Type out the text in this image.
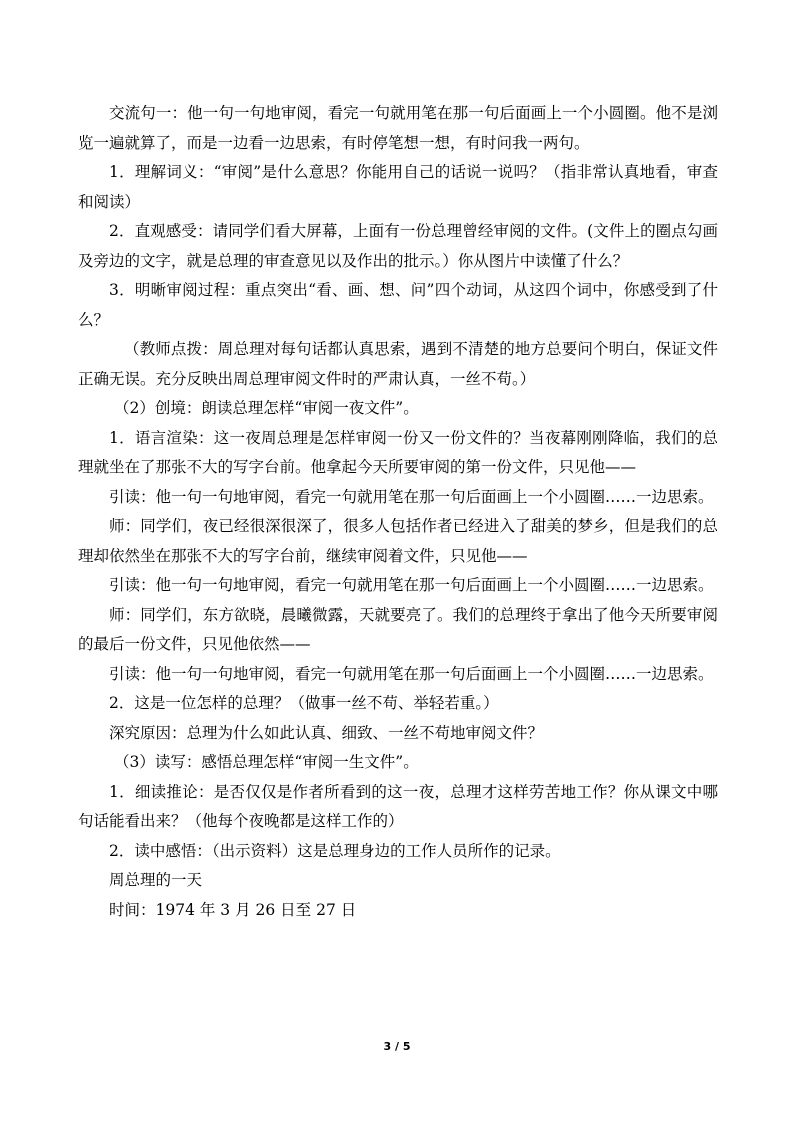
交流句一：他一句一句地审阅，看完一句就用笔在那一句后面画上一个小圆圈。他不是浏览一遍就算了，而是一边看一边思索，有时停笔想一想，有时问我一两句。

1．理解词义：“审阅”是什么意思？你能用自己的话说一说吗？（指非常认真地看，审查和阅读）

2．直观感受：请同学们看大屏幕，上面有一份总理曾经审阅的文件。(文件上的圈点勾画及旁边的文字，就是总理的审查意见以及作出的批示。）你从图片中读懂了什么？

3．明晰审阅过程：重点突出“看、画、想、问”四个动词，从这四个词中，你感受到了什么？

（教师点拨：周总理对每句话都认真思索，遇到不清楚的地方总要问个明白，保证文件正确无误。充分反映出周总理审阅文件时的严肃认真，一丝不苟。）

（2）创境：朗读总理怎样“审阅一夜文件”。

1．语言渲染：这一夜周总理是怎样审阅一份又一份文件的？当夜幕刚刚降临，我们的总理就坐在了那张不大的写字台前。他拿起今天所要审阅的第一份文件，只见他——

引读：他一句一句地审阅，看完一句就用笔在那一句后面画上一个小圆圈……一边思索。

师：同学们，夜已经很深很深了，很多人包括作者已经进入了甜美的梦乡，但是我们的总理却依然坐在那张不大的写字台前，继续审阅着文件，只见他——

引读：他一句一句地审阅，看完一句就用笔在那一句后面画上一个小圆圈……一边思索。

师：同学们，东方欲晓，晨曦微露，天就要亮了。我们的总理终于拿出了他今天所要审阅的最后一份文件，只见他依然——

引读：他一句一句地审阅，看完一句就用笔在那一句后面画上一个小圆圈……一边思索。

2．这是一位怎样的总理？（做事一丝不苟、举轻若重。）

深究原因：总理为什么如此认真、细致、一丝不苟地审阅文件？

（3）读写：感悟总理怎样“审阅一生文件”。

1．细读推论：是否仅仅是作者所看到的这一夜，总理才这样劳苦地工作？你从课文中哪句话能看出来？（他每个夜晚都是这样工作的）

2．读中感悟：（出示资料）这是总理身边的工作人员所作的记录。

周总理的一天

时间：1974 年 3 月 26 日至 27 日

3 / 5
